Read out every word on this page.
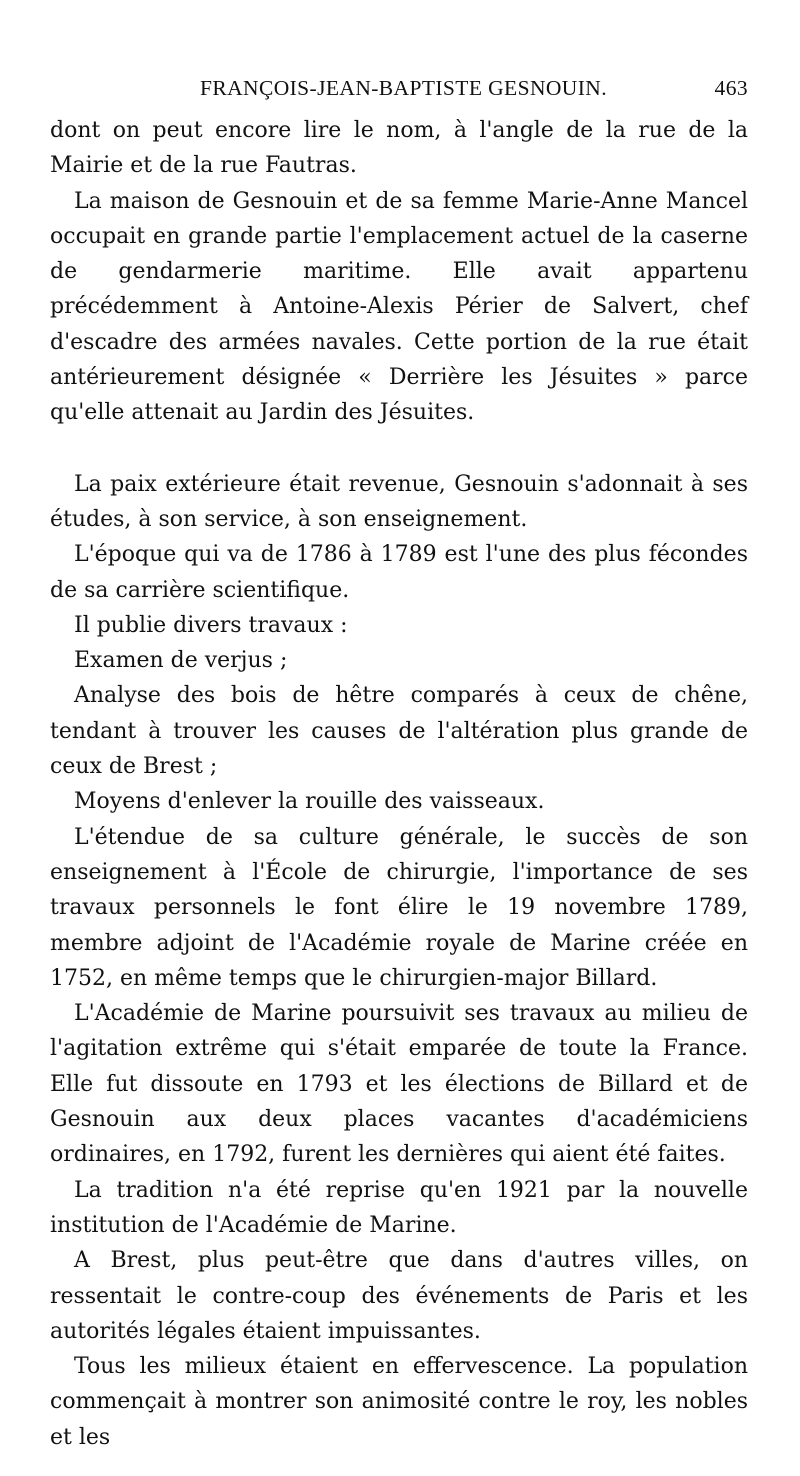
FRANÇOIS-JEAN-BAPTISTE GESNOUIN.	463

dont on peut encore lire le nom, à l'angle de la rue de la Mairie et de la rue Fautras.

La maison de Gesnouin et de sa femme Marie-Anne Mancel occupait en grande partie l'emplacement actuel de la caserne de gendarmerie maritime. Elle avait appartenu précédemment à Antoine-Alexis Périer de Salvert, chef d'escadre des armées navales. Cette portion de la rue était antérieurement désignée « Derrière les Jésuites » parce qu'elle attenait au Jardin des Jésuites.

La paix extérieure était revenue, Gesnouin s'adonnait à ses études, à son service, à son enseignement.

L'époque qui va de 1786 à 1789 est l'une des plus fécondes de sa carrière scientifique.

Il publie divers travaux :

Examen de verjus ;

Analyse des bois de hêtre comparés à ceux de chêne, tendant à trouver les causes de l'altération plus grande de ceux de Brest ;

Moyens d'enlever la rouille des vaisseaux.

L'étendue de sa culture générale, le succès de son enseignement à l'École de chirurgie, l'importance de ses travaux personnels le font élire le 19 novembre 1789, membre adjoint de l'Académie royale de Marine créée en 1752, en même temps que le chirurgien-major Billard.

L'Académie de Marine poursuivit ses travaux au milieu de l'agitation extrême qui s'était emparée de toute la France. Elle fut dissoute en 1793 et les élections de Billard et de Gesnouin aux deux places vacantes d'académiciens ordinaires, en 1792, furent les dernières qui aient été faites.

La tradition n'a été reprise qu'en 1921 par la nouvelle institution de l'Académie de Marine.

A Brest, plus peut-être que dans d'autres villes, on ressentait le contre-coup des événements de Paris et les autorités légales étaient impuissantes.

Tous les milieux étaient en effervescence. La population commençait à montrer son animosité contre le roy, les nobles et les
